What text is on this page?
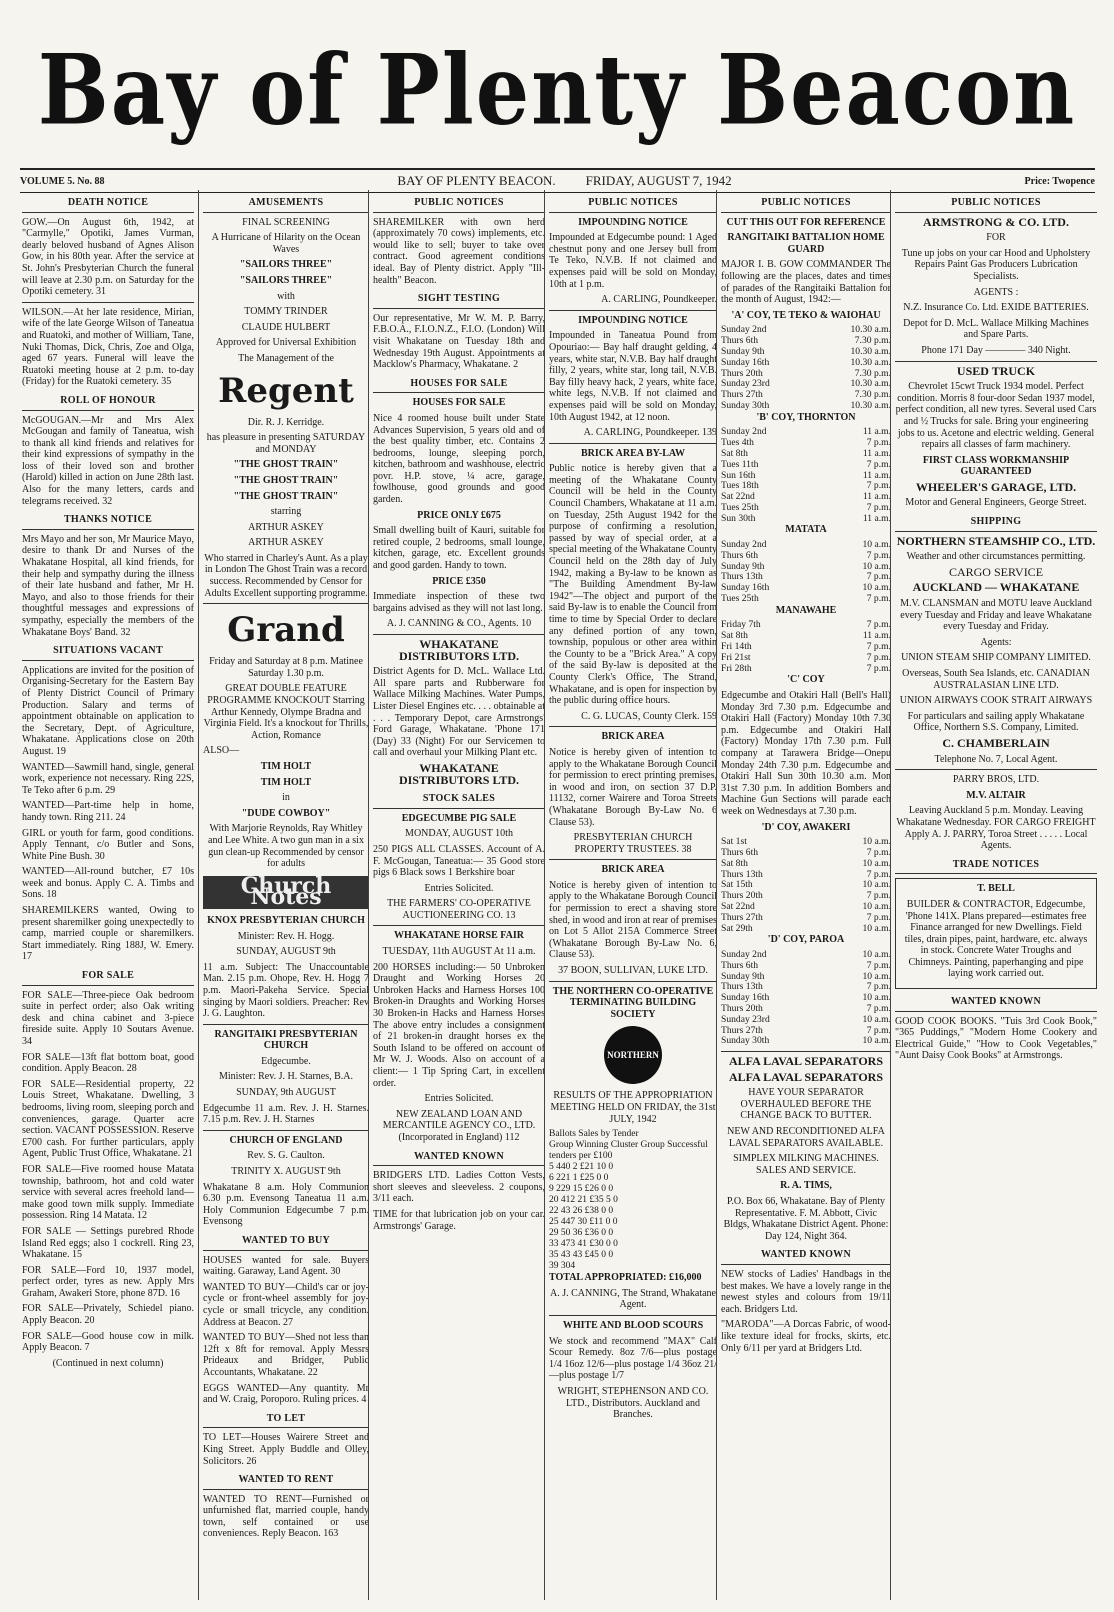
Bay of Plenty Beacon
VOLUME 5. No. 88	BAY OF PLENTY BEACON. FRIDAY, AUGUST 7, 1942	Price: Twopence
DEATH NOTICE

GOW.—On August 6th, 1942, at "Carmylle," Opotiki, James Vurman, dearly beloved husband of Agnes Alison Gow, in his 80th year. After the service at St. John's Presbyterian Church the funeral will leave at 2.30 p.m. on Saturday for the Opotiki cemetery. 31

WILSON.—At her late residence, Mirian, wife of the late George Wilson of Taneatua and Ruatoki, and mother of William, Tane, Nuki Thomas, Dick, Chris, Zoe and Olga, aged 67 years. Funeral will leave the Ruatoki meeting house at 2 p.m. to-day (Friday) for the Ruatoki cemetery. 35

ROLL OF HONOUR

McGOUGAN.—Mr and Mrs Alex McGougan and family of Taneatua, wish to thank all kind friends and relatives for their kind expressions of sympathy in the loss of their loved son and brother (Harold) killed in action on June 28th last. Also for the many letters, cards and telegrams received. 32

THANKS NOTICE

Mrs Mayo and her son, Mr Maurice Mayo, desire to thank Dr and Nurses of the Whakatane Hospital, all kind friends, for their help and sympathy during the illness of their late husband and father, Mr H. Mayo, and also to those friends for their thoughtful messages and expressions of sympathy, especially the members of the Whakatane Boys' Band. 32

SITUATIONS VACANT

Applications are invited for the position of Organising-Secretary for the Eastern Bay of Plenty District Council of Primary Production. Salary and terms of appointment obtainable on application to the Secretary, Dept. of Agriculture, Whakatane. Applications close on 20th August. 19

WANTED—Sawmill hand, single, general work, experience not necessary. Ring 22S, Te Teko after 6 p.m. 29

WANTED—Part-time help in home, handy town. Ring 211. 24

GIRL or youth for farm, good conditions. Apply Tennant, c/o Butler and Sons, White Pine Bush. 30

WANTED—All-round butcher, £7 10s week and bonus. Apply C. A. Timbs and Sons. 18

SHAREMILKERS wanted, Owing to present sharemilker going unexpectedly to camp, married couple or sharemilkers. Start immediately. Ring 188J, W. Emery. 17

FOR SALE

FOR SALE—Three-piece Oak bedroom suite in perfect order; also Oak writing desk and china cabinet and 3-piece fireside suite. Apply 10 Soutars Avenue. 34

FOR SALE—13ft flat bottom boat, good condition. Apply Beacon. 28

FOR SALE—Residential property, 22 Louis Street, Whakatane. Dwelling, 3 bedrooms, living room, sleeping porch and conveniences, garage. Quarter acre section. VACANT POSSESSION. Reserve £700 cash. For further particulars, apply Agent, Public Trust Office, Whakatane. 21

FOR SALE—Five roomed house Matata township, bathroom, hot and cold water service with several acres freehold land—make good town milk supply. Immediate possession. Ring 14 Matata. 12

FOR SALE — Settings purebred Rhode Island Red eggs; also 1 cockrell. Ring 23, Whakatane. 15

FOR SALE—Ford 10, 1937 model, perfect order, tyres as new. Apply Mrs Graham, Awakeri Store, phone 87D. 16

FOR SALE—Privately, Schiedel piano. Apply Beacon. 20

FOR SALE—Good house cow in milk. Apply Beacon. 7

(Continued in next column)

AMUSEMENTS

FINAL SCREENING

A Hurricane of Hilarity on the Ocean Waves

"SAILORS THREE"

"SAILORS THREE"

with

TOMMY TRINDER

CLAUDE HULBERT

Approved for Universal Exhibition

The Management of the

Regent

Dir. R. J. Kerridge.

has pleasure in presenting SATURDAY and MONDAY

"THE GHOST TRAIN"

"THE GHOST TRAIN"

"THE GHOST TRAIN"

starring

ARTHUR ASKEY

ARTHUR ASKEY

Who starred in Charley's Aunt. As a play in London The Ghost Train was a record success. Recommended by Censor for Adults Excellent supporting programme.

Grand

Friday and Saturday at 8 p.m. Matinee Saturday 1.30 p.m.

GREAT DOUBLE FEATURE PROGRAMME KNOCKOUT Starring Arthur Kennedy, Olympe Bradna and Virginia Field. It's a knockout for Thrills, Action, Romance

ALSO—

TIM HOLT

TIM HOLT

in

"DUDE COWBOY"

With Marjorie Reynolds, Ray Whitley and Lee White. A two gun man in a six gun clean-up Recommended by censor for adults

Church Notes

KNOX PRESBYTERIAN CHURCH

Minister: Rev. H. Hogg.

SUNDAY, AUGUST 9th

11 a.m. Subject: The Unaccountable Man. 2.15 p.m. Ohope, Rev. H. Hogg 7 p.m. Maori-Pakeha Service. Special singing by Maori soldiers. Preacher: Rev J. G. Laughton.

RANGITAIKI PRESBYTERIAN CHURCH

Edgecumbe.

Minister: Rev. J. H. Starnes, B.A.

SUNDAY, 9th AUGUST

Edgecumbe 11 a.m. Rev. J. H. Starnes. 7.15 p.m. Rev. J. H. Starnes

CHURCH OF ENGLAND

Rev. S. G. Caulton.

TRINITY X. AUGUST 9th

Whakatane 8 a.m. Holy Communion 6.30 p.m. Evensong Taneatua 11 a.m. Holy Communion Edgecumbe 7 p.m. Evensong

WANTED TO BUY

HOUSES wanted for sale. Buyers waiting. Garaway, Land Agent. 30

WANTED TO BUY—Child's car or joy-cycle or front-wheel assembly for joy-cycle or small tricycle, any condition. Address at Beacon. 27

WANTED TO BUY—Shed not less than 12ft x 8ft for removal. Apply Messrs Prideaux and Bridger, Public Accountants, Whakatane. 22

EGGS WANTED—Any quantity. Mr and W. Craig, Poroporo. Ruling prices. 4

TO LET

TO LET—Houses Wairere Street and King Street. Apply Buddle and Olley, Solicitors. 26

WANTED TO RENT

WANTED TO RENT—Furnished or unfurnished flat, married couple, handy town, self contained or use conveniences. Reply Beacon. 163

PUBLIC NOTICES

SHAREMILKER with own herd (approximately 70 cows) implements, etc. would like to sell; buyer to take over contract. Good agreement conditions ideal. Bay of Plenty district. Apply "Ill-health" Beacon.

SIGHT TESTING

Our representative, Mr W. M. P. Barry, F.B.O.A., F.I.O.N.Z., F.I.O. (London) Will visit Whakatane on Tuesday 18th and Wednesday 19th August. Appointments at Macklow's Pharmacy, Whakatane. 2

HOUSES FOR SALE

HOUSES FOR SALE

Nice 4 roomed house built under State Advances Supervision, 5 years old and of the best quality timber, etc. Contains 2 bedrooms, lounge, sleeping porch, kitchen, bathroom and washhouse, electric povr. H.P. stove, ¼ acre, garage, fowlhouse, good grounds and good garden.

PRICE ONLY £675

Small dwelling built of Kauri, suitable for retired couple, 2 bedrooms, small lounge, kitchen, garage, etc. Excellent grounds and good garden. Handy to town.

PRICE £350

Immediate inspection of these two bargains advised as they will not last long.

A. J. CANNING & CO., Agents. 10

WHAKATANE DISTRIBUTORS LTD.

District Agents for D. McL. Wallace Ltd. All spare parts and Rubberware for Wallace Milking Machines. Water Pumps, Lister Diesel Engines etc. . . . obtainable at . . . Temporary Depot, care Armstrongs' Ford Garage, Whakatane. 'Phone 171 (Day) 33 (Night) For our Servicemen to call and overhaul your Milking Plant etc.

WHAKATANE DISTRIBUTORS LTD.

STOCK SALES

EDGECUMBE PIG SALE

MONDAY, AUGUST 10th

250 PIGS ALL CLASSES. Account of A. F. McGougan, Taneatua:— 35 Good store pigs 6 Black sows 1 Berkshire boar

Entries Solicited.

THE FARMERS' CO-OPERATIVE AUCTIONEERING CO. 13

WHAKATANE HORSE FAIR

TUESDAY, 11th AUGUST At 11 a.m.

200 HORSES including:— 50 Unbroken Draught and Working Horses 20 Unbroken Hacks and Harness Horses 100 Broken-in Draughts and Working Horses 30 Broken-in Hacks and Harness Horses The above entry includes a consignment of 21 broken-in draught horses ex the South Island to be offered on account of Mr W. J. Woods. Also on account of a client:— 1 Tip Spring Cart, in excellent order.

Entries Solicited.

NEW ZEALAND LOAN AND MERCANTILE AGENCY CO., LTD. (Incorporated in England) 112

WANTED KNOWN

BRIDGERS LTD. Ladies Cotton Vests, short sleeves and sleeveless. 2 coupons, 3/11 each.

TIME for that lubrication job on your car. Armstrongs' Garage.

PUBLIC NOTICES

IMPOUNDING NOTICE

Impounded at Edgecumbe pound: 1 Aged chestnut pony and one Jersey bull from Te Teko, N.V.B. If not claimed and expenses paid will be sold on Monday, 10th at 1 p.m.

A. CARLING, Poundkeeper.

IMPOUNDING NOTICE

Impounded in Taneatua Pound from Opouriao:— Bay half draught gelding, 4 years, white star, N.V.B. Bay half draught filly, 2 years, white star, long tail, N.V.B. Bay filly heavy hack, 2 years, white face, white legs, N.V.B. If not claimed and expenses paid will be sold on Monday, 10th August 1942, at 12 noon.

A. CARLING, Poundkeeper. 139

BRICK AREA BY-LAW

Public notice is hereby given that a meeting of the Whakatane County Council will be held in the County Council Chambers, Whakatane at 11 a.m. on Tuesday, 25th August 1942 for the purpose of confirming a resolution, passed by way of special order, at a special meeting of the Whakatane County Council held on the 28th day of July 1942, making a By-law to be known as "The Building Amendment By-law 1942"—The object and purport of the said By-law is to enable the Council from time to time by Special Order to declare any defined portion of any town, township, populous or other area within the County to be a "Brick Area." A copy of the said By-law is deposited at the County Clerk's Office, The Strand, Whakatane, and is open for inspection by the public during office hours.

C. G. LUCAS, County Clerk. 159

BRICK AREA

Notice is hereby given of intention to apply to the Whakatane Borough Council for permission to erect printing premises, in wood and iron, on section 37 D.P. 11132, corner Wairere and Toroa Streets (Whakatane Borough By-Law No. 6 Clause 53).

PRESBYTERIAN CHURCH PROPERTY TRUSTEES. 38

BRICK AREA

Notice is hereby given of intention to apply to the Whakatane Borough Council for permission to erect a shaving store shed, in wood and iron at rear of premises on Lot 5 Allot 215A Commerce Street (Whakatane Borough By-Law No. 6, Clause 53).

37 BOON, SULLIVAN, LUKE LTD.

THE NORTHERN CO-OPERATIVE TERMINATING BUILDING SOCIETY

NORTHERN

RESULTS OF THE APPROPRIATION MEETING HELD ON FRIDAY, the 31st JULY, 1942

Ballots Sales by Tender
Group Winning Cluster Group Successful tenders per £100
5 440 2 £21 10 0
6 221 1 £25 0 0
9 229 15 £26 0 0
20 412 21 £35 5 0
22 43 26 £38 0 0
25 447 30 £11 0 0
29 50 36 £36 0 0
33 473 41 £30 0 0
35 43 43 £45 0 0
39 304

TOTAL APPROPRIATED: £16,000

A. J. CANNING, The Strand, Whakatane Agent.

WHITE AND BLOOD SCOURS

We stock and recommend "MAX" Calf Scour Remedy. 8oz 7/6—plus postage 1/4 16oz 12/6—plus postage 1/4 36oz 21/—plus postage 1/7

WRIGHT, STEPHENSON AND CO. LTD., Distributors. Auckland and Branches.

PUBLIC NOTICES

CUT THIS OUT FOR REFERENCE

RANGITAIKI BATTALION HOME GUARD

MAJOR I. B. GOW COMMANDER The following are the places, dates and times of parades of the Rangitaiki Battalion for the month of August, 1942:—

'A' COY, TE TEKO & WAIOHAU

Sunday 2nd	10.30 a.m.
Thurs 6th	7.30 p.m.
Sunday 9th	10.30 a.m.
Sunday 16th	10.30 a.m.
Thurs 20th	7.30 p.m.
Sunday 23rd	10.30 a.m.
Thurs 27th	7.30 p.m.
Sunday 30th	10.30 a.m.

'B' COY, THORNTON

Sunday 2nd	11 a.m.
Tues 4th	7 p.m.
Sat 8th	11 a.m.
Tues 11th	7 p.m.
Sun 16th	11 a.m.
Tues 18th	7 p.m.
Sat 22nd	11 a.m.
Tues 25th	7 p.m.
Sun 30th	11 a.m.

MATATA

Sunday 2nd	10 a.m.
Thurs 6th	7 p.m.
Sunday 9th	10 a.m.
Thurs 13th	7 p.m.
Sunday 16th	10 a.m.
Tues 25th	7 p.m.

MANAWAHE

Friday 7th	7 p.m.
Sat 8th	11 a.m.
Fri 14th	7 p.m.
Fri 21st	7 p.m.
Fri 28th	7 p.m.

'C' COY

Edgecumbe and Otakiri Hall (Bell's Hall) Monday 3rd 7.30 p.m. Edgecumbe and Otakiri Hall (Factory) Monday 10th 7.30 p.m. Edgecumbe and Otakiri Hall (Factory) Monday 17th 7.30 p.m. Full company at Tarawera Bridge—Onepu Monday 24th 7.30 p.m. Edgecumbe and Otakiri Hall Sun 30th 10.30 a.m. Mon 31st 7.30 p.m. In addition Bombers and Machine Gun Sections will parade each week on Wednesdays at 7.30 p.m.

'D' COY, AWAKERI

Sat 1st	10 a.m.
Thurs 6th	7 p.m.
Sat 8th	10 a.m.
Thurs 13th	7 p.m.
Sat 15th	10 a.m.
Thurs 20th	7 p.m.
Sat 22nd	10 a.m.
Thurs 27th	7 p.m.
Sat 29th	10 a.m.

'D' COY, PAROA

Sunday 2nd	10 a.m.
Thurs 6th	7 p.m.
Sunday 9th	10 a.m.
Thurs 13th	7 p.m.
Sunday 16th	10 a.m.
Thurs 20th	7 p.m.
Sunday 23rd	10 a.m.
Thurs 27th	7 p.m.
Sunday 30th	10 a.m.

ALFA LAVAL SEPARATORS

ALFA LAVAL SEPARATORS

HAVE YOUR SEPARATOR OVERHAULED BEFORE THE CHANGE BACK TO BUTTER.

NEW AND RECONDITIONED ALFA LAVAL SEPARATORS AVAILABLE.

SIMPLEX MILKING MACHINES. SALES AND SERVICE.

R. A. TIMS,

P.O. Box 66, Whakatane. Bay of Plenty Representative. F. M. Abbott, Civic Bldgs, Whakatane District Agent. Phone: Day 124, Night 364.

WANTED KNOWN

NEW stocks of Ladies' Handbags in the best makes. We have a lovely range in the newest styles and colours from 19/11 each. Bridgers Ltd.

"MARODA"—A Dorcas Fabric, of wood-like texture ideal for frocks, skirts, etc. Only 6/11 per yard at Bridgers Ltd.

PUBLIC NOTICES

ARMSTRONG & CO. LTD.

FOR

Tune up jobs on your car Hood and Upholstery Repairs Paint Gas Producers Lubrication Specialists.

AGENTS :

N.Z. Insurance Co. Ltd. EXIDE BATTERIES.

Depot for D. McL. Wallace Milking Machines and Spare Parts.

Phone 171 Day ———— 340 Night.

USED TRUCK

Chevrolet 15cwt Truck 1934 model. Perfect condition. Morris 8 four-door Sedan 1937 model, perfect condition, all new tyres. Several used Cars and ½ Trucks for sale. Bring your engineering jobs to us. Acetone and electric welding. General repairs all classes of farm machinery.

FIRST CLASS WORKMANSHIP GUARANTEED

WHEELER'S GARAGE, LTD.

Motor and General Engineers, George Street.

SHIPPING

NORTHERN STEAMSHIP CO., LTD.

Weather and other circumstances permitting.

CARGO SERVICE

AUCKLAND — WHAKATANE

M.V. CLANSMAN and MOTU leave Auckland every Tuesday and Friday and leave Whakatane every Tuesday and Friday.

Agents:

UNION STEAM SHIP COMPANY LIMITED.

Overseas, South Sea Islands, etc. CANADIAN AUSTRALASIAN LINE LTD.

UNION AIRWAYS COOK STRAIT AIRWAYS

For particulars and sailing apply Whakatane Office, Northern S.S. Company, Limited.

C. CHAMBERLAIN

Telephone No. 7, Local Agent.

PARRY BROS, LTD.

M.V. ALTAIR

Leaving Auckland 5 p.m. Monday. Leaving Whakatane Wednesday. FOR CARGO FREIGHT Apply A. J. PARRY, Toroa Street . . . . . Local Agents.

TRADE NOTICES

T. BELL

BUILDER & CONTRACTOR, Edgecumbe, 'Phone 141X. Plans prepared—estimates free Finance arranged for new Dwellings. Field tiles, drain pipes, paint, hardware, etc. always in stock. Concrete Water Troughs and Chimneys. Painting, paperhanging and pipe laying work carried out.

WANTED KNOWN

GOOD COOK BOOKS. "Tuis 3rd Cook Book," "365 Puddings," "Modern Home Cookery and Electrical Guide," "How to Cook Vegetables," "Aunt Daisy Cook Books" at Armstrongs.
